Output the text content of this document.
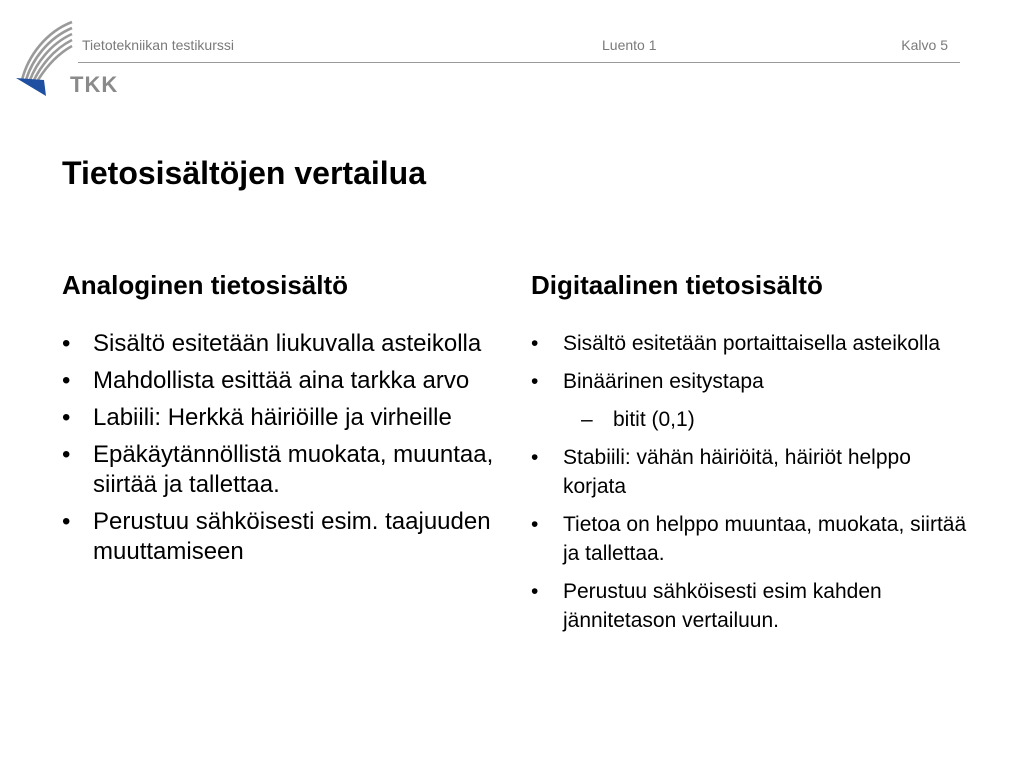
TKK
Tietotekniikan testikurssi	Luento 1	Kalvo 5
Tietosisältöjen vertailua
Analoginen tietosisältö
• Sisältö esitetään liukuvalla asteikolla
• Mahdollista esittää aina tarkka arvo
• Labiili: Herkkä häiriöille ja virheille
• Epäkäytännöllistä muokata, muuntaa, siirtää ja tallettaa.
• Perustuu sähköisesti esim. taajuuden muuttamiseen
Digitaalinen tietosisältö
•	Sisältö esitetään portaittaisella asteikolla
•	Binäärinen esitystapa
– bitit (0,1)
•	Stabiili: vähän häiriöitä, häiriöt helppo korjata
•	Tietoa on helppo muuntaa, muokata, siirtää ja tallettaa.
•	Perustuu sähköisesti esim kahden jännitetason vertailuun.
